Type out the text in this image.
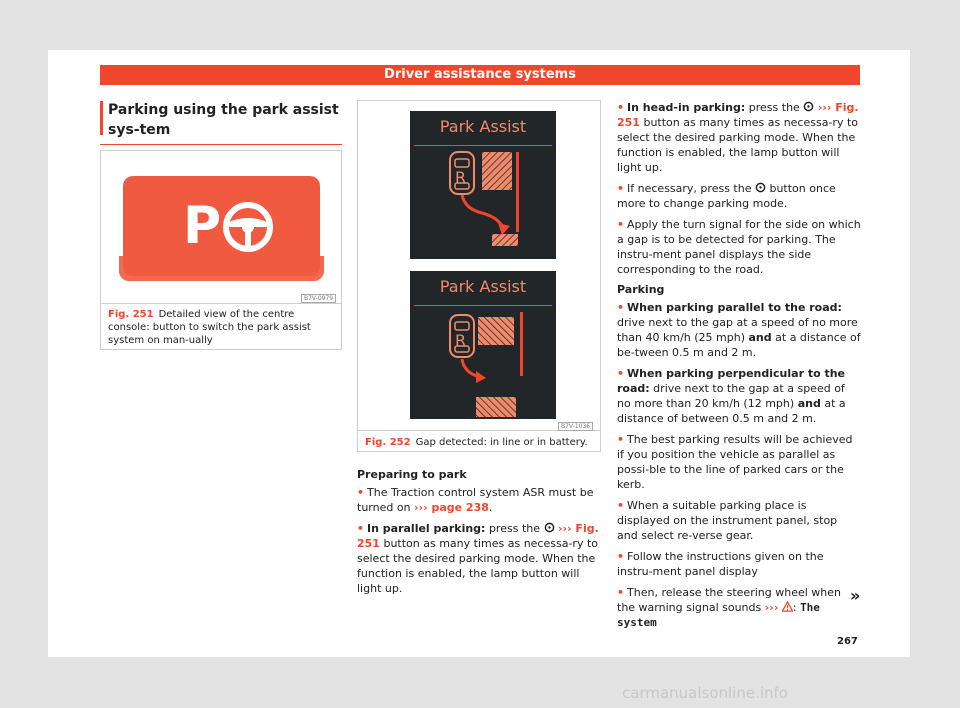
Driver assistance systems
Parking using the park assist sys-tem
P
B7V-0979
Fig. 251 Detailed view of the centre console: button to switch the park assist system on man-ually
Park Assist
R
Park Assist
R
B7V-1036
Fig. 252 Gap detected: in line or in battery.
Preparing to park

• The Traction control system ASR must be turned on ››› page 238.

• In parallel parking: press the  ››› Fig. 251 button as many times as necessa-ry to select the desired parking mode. When the function is enabled, the lamp button will light up.

• In head-in parking: press the  ››› Fig. 251 button as many times as necessa-ry to select the desired parking mode. When the function is enabled, the lamp button will light up.

• If necessary, press the  button once more to change parking mode.

• Apply the turn signal for the side on which a gap is to be detected for parking. The instru-ment panel displays the side corresponding to the road.

Parking

• When parking parallel to the road: drive next to the gap at a speed of no more than 40 km/h (25 mph) and at a distance of be-tween 0.5 m and 2 m.

• When parking perpendicular to the road: drive next to the gap at a speed of no more than 20 km/h (12 mph) and at a distance of between 0.5 m and 2 m.

• The best parking results will be achieved if you position the vehicle as parallel as possi-ble to the line of parked cars or the kerb.

• When a suitable parking place is displayed on the instrument panel, stop and select re-verse gear.

• Follow the instructions given on the instru-ment panel display

• Then, release the steering wheel when the warning signal sounds ››› : The system

»
267
carmanualsonline.info
